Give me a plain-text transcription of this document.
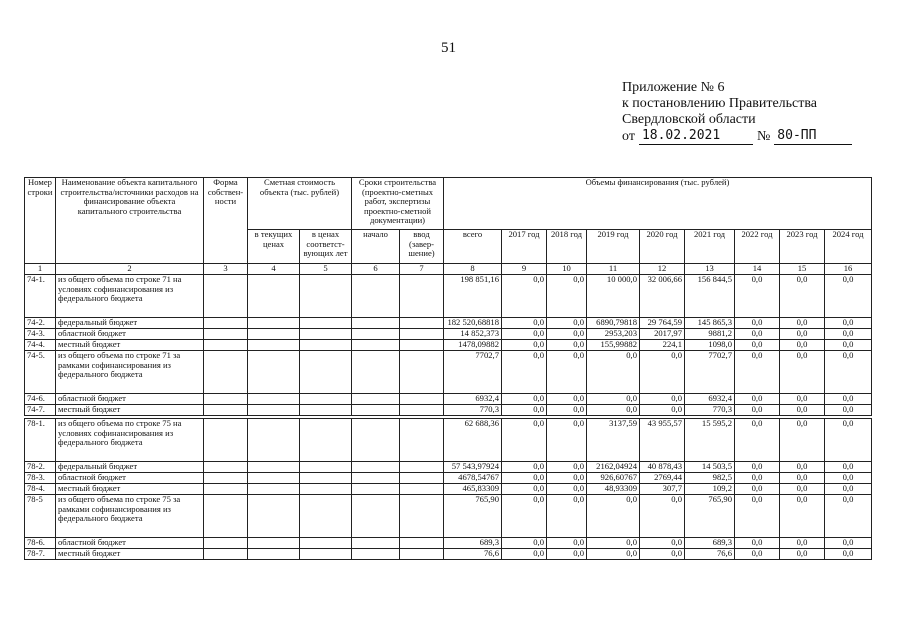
51
Приложение № 6
к постановлению Правительства
Свердловской области
от 18.02.2021	№ 80-ПП
Номер строки	Наименование объекта капитального строительства/источники расходов на финансирование объекта капитального строительства	Форма собствен-ности	Сметная стоимость объекта (тыс. рублей)		Сроки строительства (проектно-сметных работ, экспертизы проектно-сметной документации)		Объемы финансирования (тыс. рублей)								
			в текущих ценах	в ценах соответст-вующих лет	начало	ввод (завер-шение)	всего	2017 год	2018 год	2019 год	2020 год	2021 год	2022 год	2023 год	2024 год
1	2	3	4	5	6	7	8	9	10	11	12	13	14	15	16
74-1.	из общего объема по строке 71 на условиях софинансирования из федерального бюджета						198 851,16	0,0	0,0	10 000,0	32 006,66	156 844,5	0,0	0,0	0,0
74-2.	федеральный бюджет						182 520,68818	0,0	0,0	6890,79818	29 764,59	145 865,3	0,0	0,0	0,0
74-3.	областной бюджет						14 852,373	0,0	0,0	2953,203	2017,97	9881,2	0,0	0,0	0,0
74-4.	местный бюджет						1478,09882	0,0	0,0	155,99882	224,1	1098,0	0,0	0,0	0,0
74-5.	из общего объема по строке 71 за рамками софинансирования из федерального бюджета						7702,7	0,0	0,0	0,0	0,0	7702,7	0,0	0,0	0,0
74-6.	областной бюджет						6932,4	0,0	0,0	0,0	0,0	6932,4	0,0	0,0	0,0
74-7.	местный бюджет						770,3	0,0	0,0	0,0	0,0	770,3	0,0	0,0	0,0

78-1.	из общего объема по строке 75 на условиях софинансирования из федерального бюджета						62 688,36	0,0	0,0	3137,59	43 955,57	15 595,2	0,0	0,0	0,0
78-2.	федеральный бюджет						57 543,97924	0,0	0,0	2162,04924	40 878,43	14 503,5	0,0	0,0	0,0
78-3.	областной бюджет						4678,54767	0,0	0,0	926,60767	2769,44	982,5	0,0	0,0	0,0
78-4.	местный бюджет						465,83309	0,0	0,0	48,93309	307,7	109,2	0,0	0,0	0,0
78-5	из общего объема по строке 75 за рамками софинансирования из федерального бюджета						765,90	0,0	0,0	0,0	0,0	765,90	0,0	0,0	0,0
78-6.	областной бюджет						689,3	0,0	0,0	0,0	0,0	689,3	0,0	0,0	0,0
78-7.	местный бюджет						76,6	0,0	0,0	0,0	0,0	76,6	0,0	0,0	0,0
